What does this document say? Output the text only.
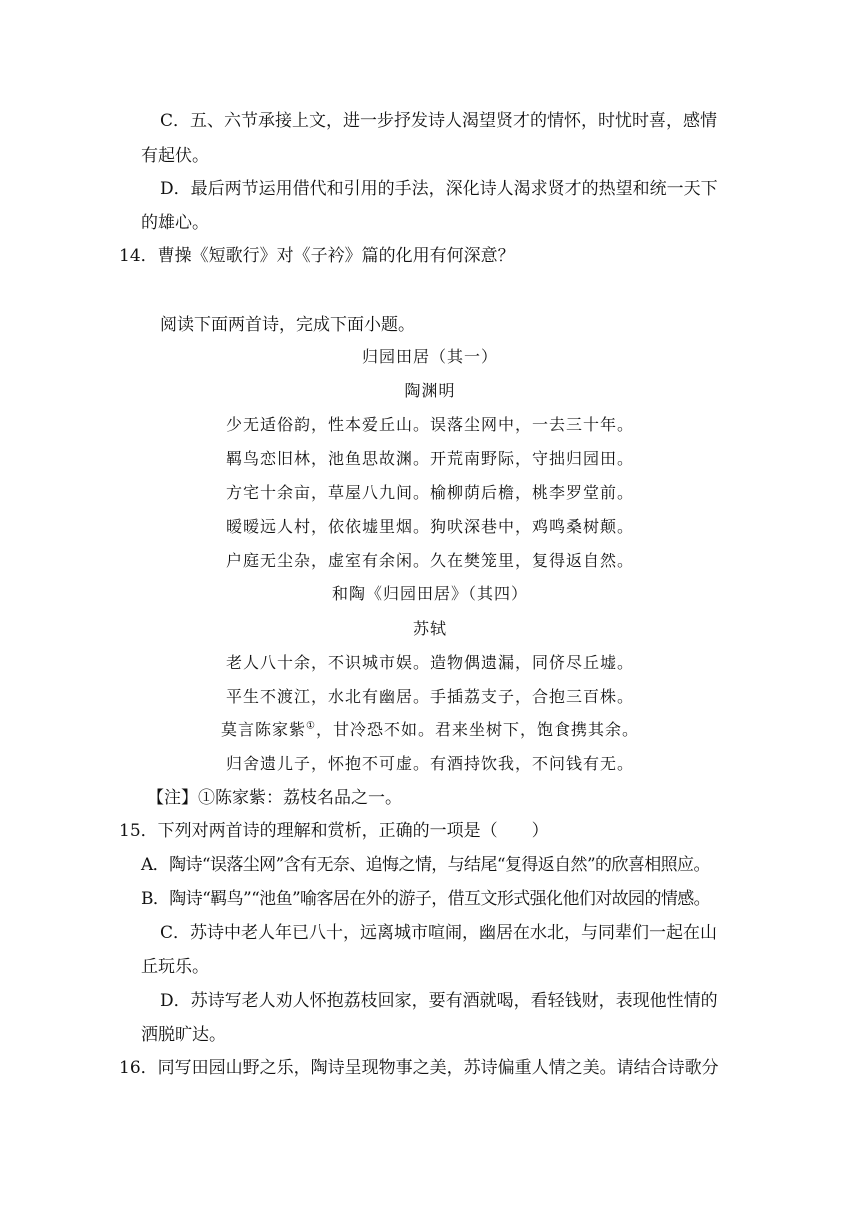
C．五、六节承接上文，进一步抒发诗人渴望贤才的情怀，时忧时喜，感情

有起伏。

D．最后两节运用借代和引用的手法，深化诗人渴求贤才的热望和统一天下

的雄心。

14．曹操《短歌行》对《子衿》篇的化用有何深意？

阅读下面两首诗，完成下面小题。

归园田居（其一）

陶渊明

少无适俗韵，性本爱丘山。误落尘网中，一去三十年。

羁鸟恋旧林，池鱼思故渊。开荒南野际，守拙归园田。

方宅十余亩，草屋八九间。榆柳荫后檐，桃李罗堂前。

暧暧远人村，依依墟里烟。狗吠深巷中，鸡鸣桑树颠。

户庭无尘杂，虚室有余闲。久在樊笼里，复得返自然。

和陶《归园田居》（其四）

苏轼

老人八十余，不识城市娱。造物偶遗漏，同侪尽丘墟。

平生不渡江，水北有幽居。手插荔支子，合抱三百株。

莫言陈家紫①，甘冷恐不如。君来坐树下，饱食携其余。

归舍遗儿子，怀抱不可虚。有酒持饮我，不问钱有无。

【注】①陈家紫：荔枝名品之一。

15．下列对两首诗的理解和赏析，正确的一项是（　　）

A．陶诗“误落尘网”含有无奈、追悔之情，与结尾“复得返自然”的欣喜相照应。

B．陶诗“羁鸟”“池鱼”喻客居在外的游子，借互文形式强化他们对故园的情感。

C．苏诗中老人年已八十，远离城市喧闹，幽居在水北，与同辈们一起在山

丘玩乐。

D．苏诗写老人劝人怀抱荔枝回家，要有酒就喝，看轻钱财，表现他性情的

洒脱旷达。

16．同写田园山野之乐，陶诗呈现物事之美，苏诗偏重人情之美。请结合诗歌分
